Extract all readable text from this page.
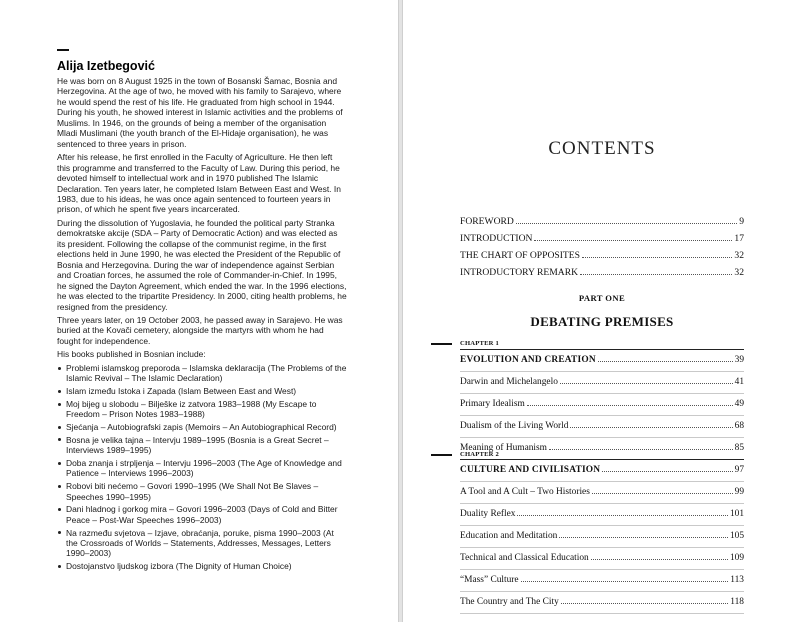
Alija Izetbegović

He was born on 8 August 1925 in the town of Bosanski Šamac, Bosnia and Herzegovina. At the age of two, he moved with his family to Sarajevo, where he would spend the rest of his life. He graduated from high school in 1944. During his youth, he showed interest in Islamic activities and the problems of Muslims. In 1946, on the grounds of being a member of the organisation Mladi Muslimani (the youth branch of the El-Hidaje organisation), he was sentenced to three years in prison.

After his release, he first enrolled in the Faculty of Agriculture. He then left this programme and transferred to the Faculty of Law. During this period, he devoted himself to intellectual work and in 1970 published The Islamic Declaration. Ten years later, he completed Islam Between East and West. In 1983, due to his ideas, he was once again sentenced to fourteen years in prison, of which he spent five years incarcerated.

During the dissolution of Yugoslavia, he founded the political party Stranka demokratske akcije (SDA – Party of Democratic Action) and was elected as its president. Following the collapse of the communist regime, in the first elections held in June 1990, he was elected the President of the Republic of Bosnia and Herzegovina. During the war of independence against Serbian and Croatian forces, he assumed the role of Commander-in-Chief. In 1995, he signed the Dayton Agreement, which ended the war. In the 1996 elections, he was elected to the tripartite Presidency. In 2000, citing health problems, he resigned from the presidency.

Three years later, on 19 October 2003, he passed away in Sarajevo. He was buried at the Kovači cemetery, alongside the martyrs with whom he had fought for independence.

His books published in Bosnian include:

Problemi islamskog preporoda – Islamska deklaracija (The Problems of the Islamic Revival – The Islamic Declaration)
Islam između Istoka i Zapada (Islam Between East and West)
Moj bijeg u slobodu – Bilješke iz zatvora 1983–1988 (My Escape to Freedom – Prison Notes 1983–1988)
Sjećanja – Autobiografski zapis (Memoirs – An Autobiographical Record)
Bosna je velika tajna – Intervju 1989–1995 (Bosnia is a Great Secret – Interviews 1989–1995)
Doba znanja i strpljenja – Intervju 1996–2003 (The Age of Knowledge and Patience – Interviews 1996–2003)
Robovi biti nećemo – Govori 1990–1995 (We Shall Not Be Slaves – Speeches 1990–1995)
Dani hladnog i gorkog mira – Govori 1996–2003 (Days of Cold and Bitter Peace – Post-War Speeches 1996–2003)
Na razmeđu svjetova – Izjave, obraćanja, poruke, pisma 1990–2003 (At the Crossroads of Worlds – Statements, Addresses, Messages, Letters 1990–2003)
Dostojanstvo ljudskog izbora (The Dignity of Human Choice)
CONTENTS
FOREWORD	9
INTRODUCTION	17
THE CHART OF OPPOSITES	32
INTRODUCTORY REMARK	32
PART ONE
DEBATING PREMISES
CHAPTER 1
EVOLUTION AND CREATION	39
Darwin and Michelangelo	41
Primary Idealism	49
Dualism of the Living World	68
Meaning of Humanism	85
CHAPTER 2
CULTURE AND CIVILISATION	97
A Tool and A Cult – Two Histories	99
Duality Reflex	101
Education and Meditation	105
Technical and Classical Education	109
“Mass” Culture	113
The Country and The City	118
